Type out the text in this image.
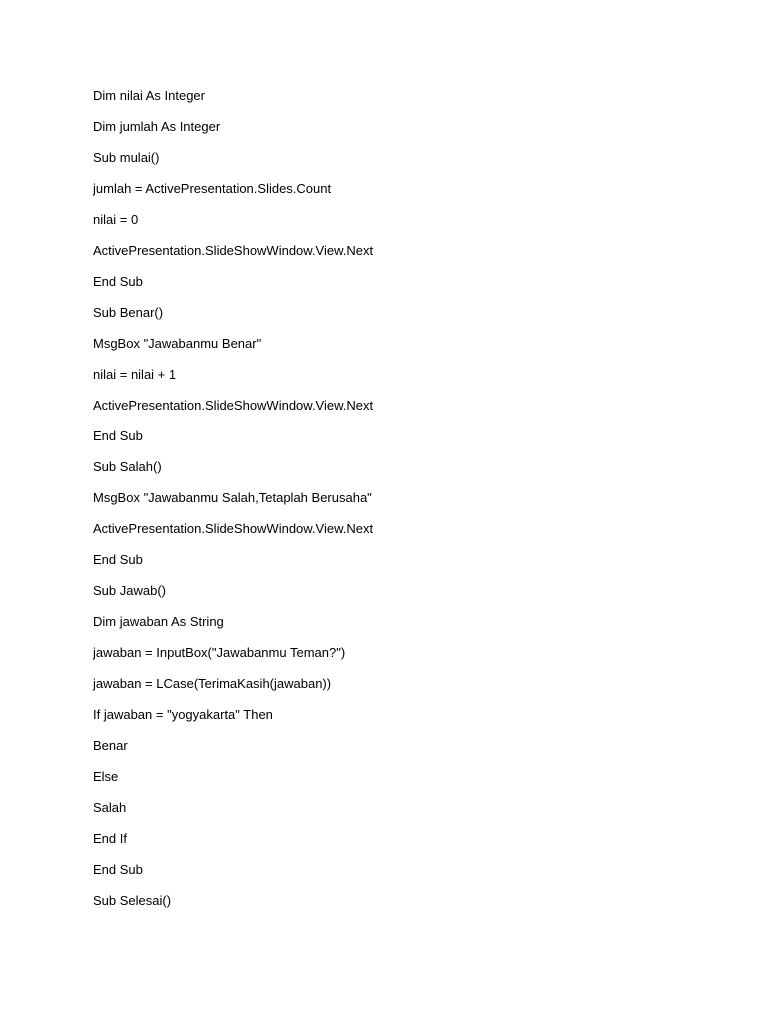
Dim nilai As Integer
Dim jumlah As Integer
Sub mulai()
jumlah = ActivePresentation.Slides.Count
nilai = 0
ActivePresentation.SlideShowWindow.View.Next
End Sub
Sub Benar()
MsgBox "Jawabanmu Benar"
nilai = nilai + 1
ActivePresentation.SlideShowWindow.View.Next
End Sub
Sub Salah()
MsgBox "Jawabanmu Salah,Tetaplah Berusaha"
ActivePresentation.SlideShowWindow.View.Next
End Sub
Sub Jawab()
Dim jawaban As String
jawaban = InputBox("Jawabanmu Teman?")
jawaban = LCase(TerimaKasih(jawaban))
If jawaban = "yogyakarta" Then
Benar
Else
Salah
End If
End Sub
Sub Selesai()
